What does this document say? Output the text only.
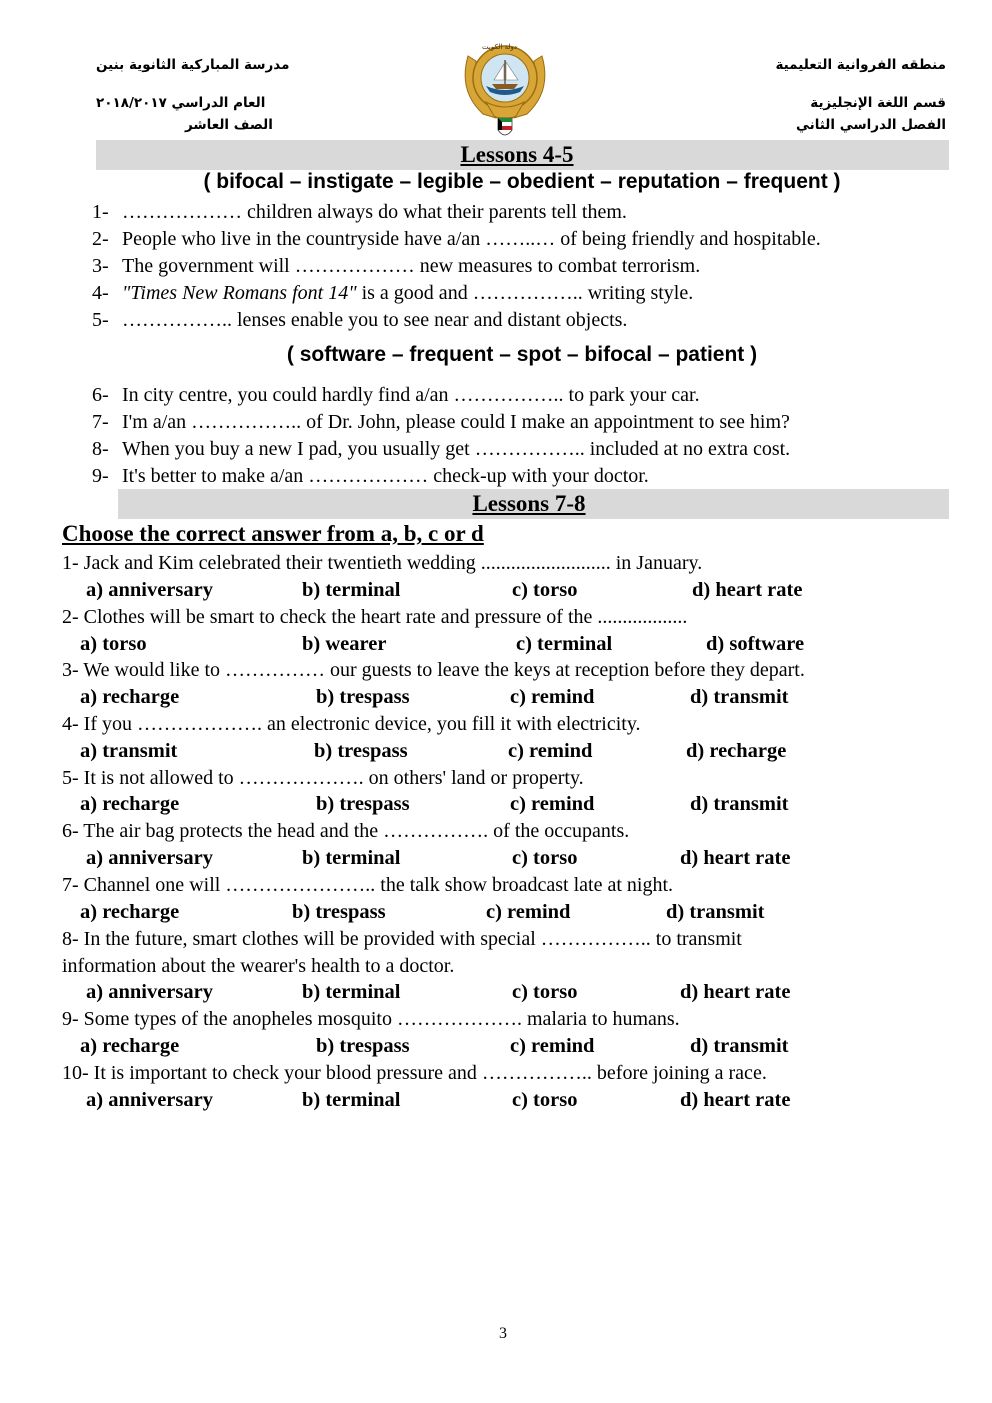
منطقه الفروانية التعليمية
قسم اللغة الإنجليزية
الفصل الدراسي الثاني
مدرسة المباركية الثانوية بنين
العام الدراسي ٢٠١٨/٢٠١٧
الصف العاشر
دولة الكويت
Lessons 4-5
( bifocal – instigate – legible – obedient – reputation – frequent )
1- ……………… children always do what their parents tell them.
2- People who live in the countryside have a/an ……..… of being friendly and hospitable.
3- The government will ……………… new measures to combat terrorism.
4- "Times New Romans font 14" is a good and …………….. writing style.
5- …………….. lenses enable you to see near and distant objects.
( software – frequent – spot – bifocal – patient )
6- In city centre, you could hardly find a/an …………….. to park your car.
7- I'm a/an …………….. of Dr. John, please could I make an appointment to see him?
8- When you buy a new I pad, you usually get …………….. included at no extra cost.
9- It's better to make a/an ……………… check-up with your doctor.
Lessons 7-8
Choose the correct answer from a, b, c or d
1- Jack and Kim celebrated their twentieth wedding .......................... in January.
a) anniversary	b) terminal	c) torso	d) heart rate
2- Clothes will be smart to check the heart rate and pressure of the ..................
a) torso	b) wearer	c) terminal	d) software
3- We would like to …………… our guests to leave the keys at reception before they depart.
a) recharge	b) trespass	c) remind	d) transmit
4- If you ………………. an electronic device, you fill it with electricity.
a) transmit	b) trespass	c) remind	d) recharge
5- It is not allowed to ………………. on others' land or property.
a) recharge	b) trespass	c) remind	d) transmit
6- The air bag protects the head and the ……………. of the occupants.
a) anniversary	b) terminal	c) torso	d) heart rate
7- Channel one will ………………….. the talk show broadcast late at night.
a) recharge	b) trespass	c) remind	d) transmit
8- In the future, smart clothes will be provided with special …………….. to transmit
information about the wearer's health to a doctor.
a) anniversary	b) terminal	c) torso	d) heart rate
9- Some types of the anopheles mosquito ………………. malaria to humans.
a) recharge	b) trespass	c) remind	d) transmit
10- It is important to check your blood pressure and …………….. before joining a race.
a) anniversary	b) terminal	c) torso	d) heart rate
3
